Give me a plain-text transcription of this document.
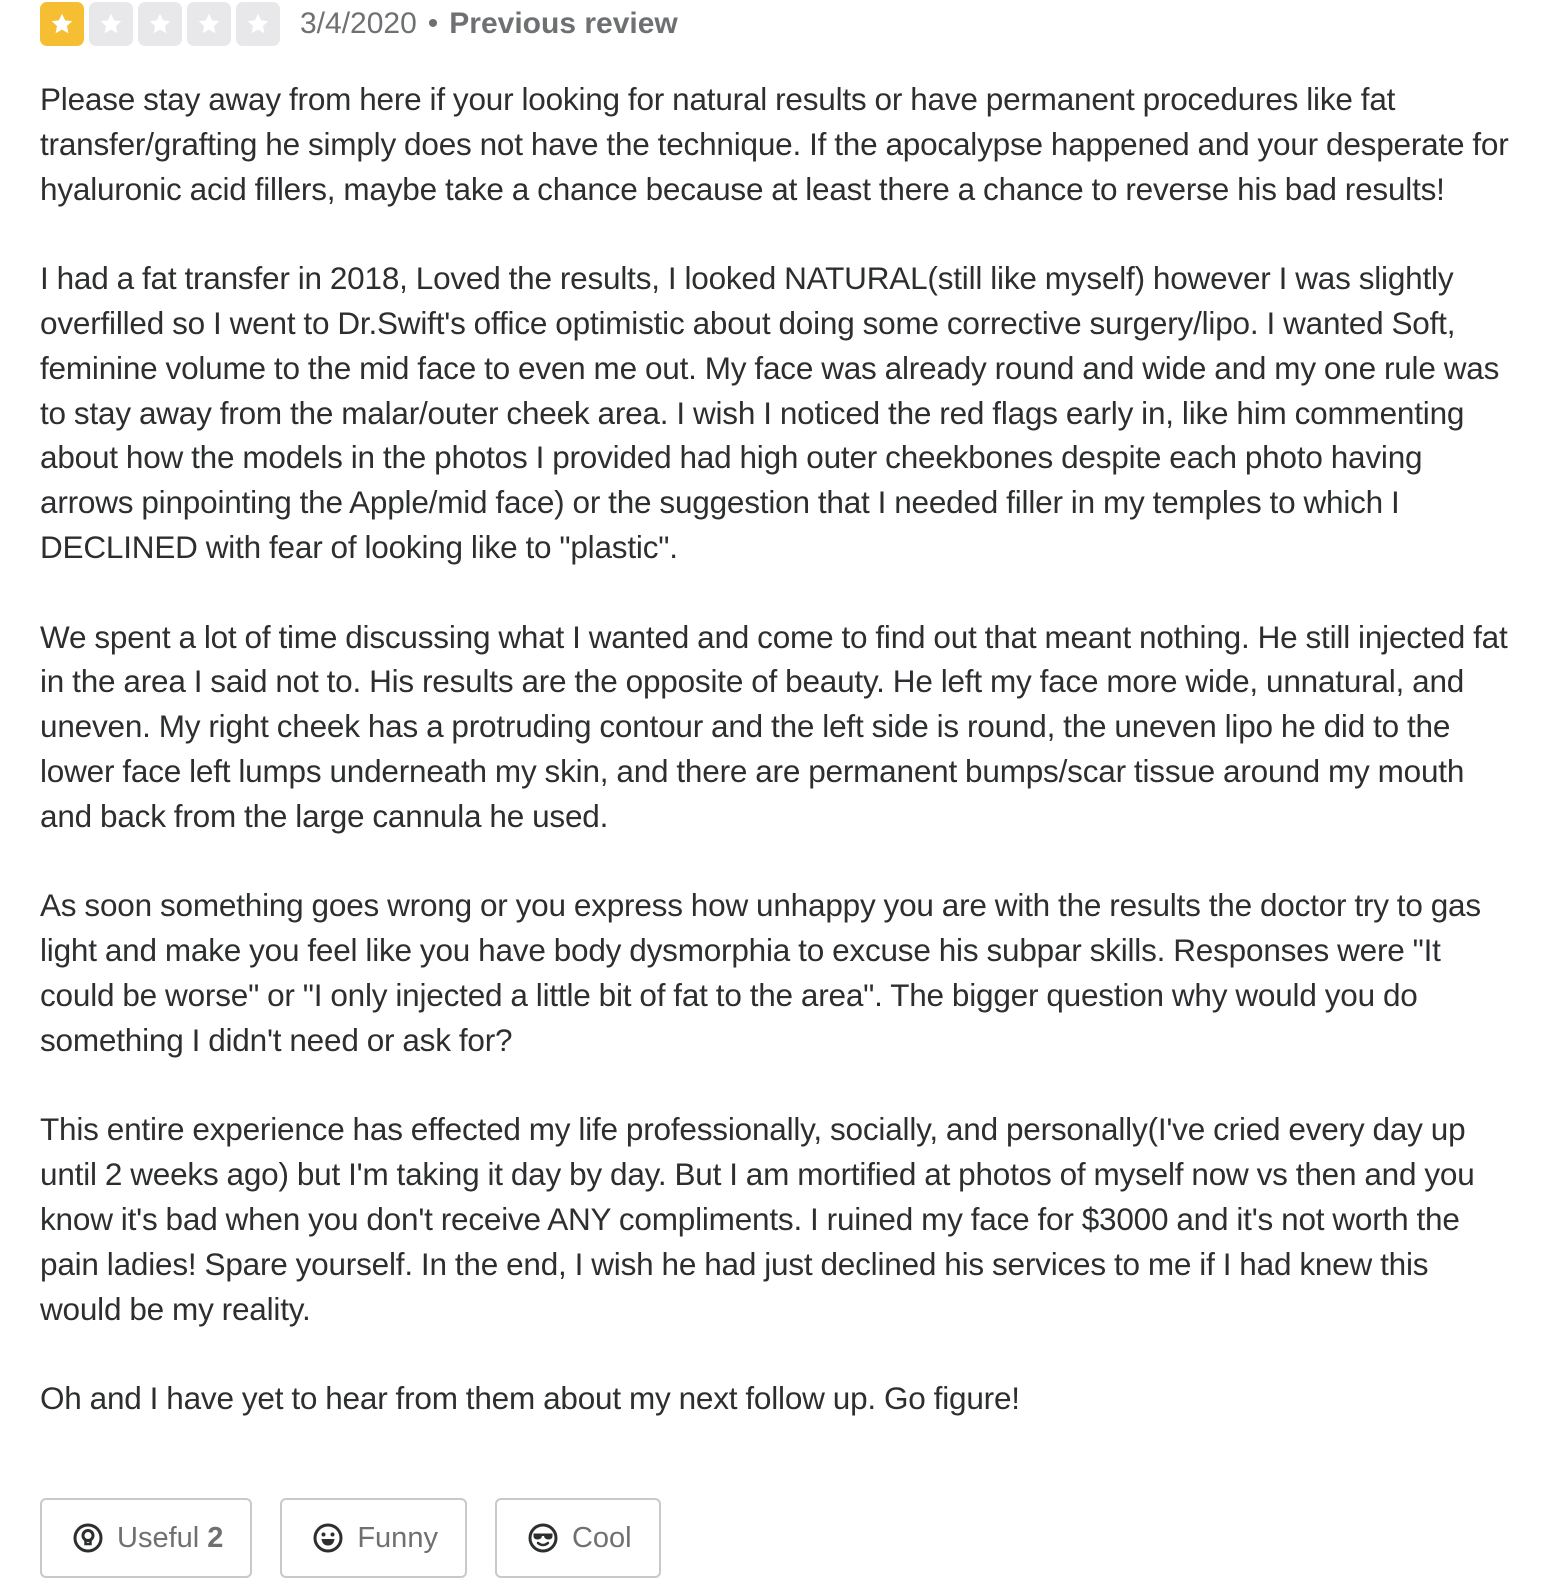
3/4/2020 • Previous review

Please stay away from here if your looking for natural results or have permanent procedures like fat transfer/grafting he simply does not have the technique. If the apocalypse happened and your desperate for hyaluronic acid fillers, maybe take a chance because at least there a chance to reverse his bad results!

I had a fat transfer in 2018, Loved the results, I looked NATURAL(still like myself) however I was slightly overfilled so I went to Dr.Swift's office optimistic about doing some corrective surgery/lipo. I wanted Soft, feminine volume to the mid face to even me out. My face was already round and wide and my one rule was to stay away from the malar/outer cheek area. I wish I noticed the red flags early in, like him commenting about how the models in the photos I provided had high outer cheekbones despite each photo having arrows pinpointing the Apple/mid face) or the suggestion that I needed filler in my temples to which I DECLINED with fear of looking like to "plastic".

We spent a lot of time discussing what I wanted and come to find out that meant nothing. He still injected fat in the area I said not to. His results are the opposite of beauty. He left my face more wide, unnatural, and uneven. My right cheek has a protruding contour and the left side is round, the uneven lipo he did to the lower face left lumps underneath my skin, and there are permanent bumps/scar tissue around my mouth and back from the large cannula he used.

As soon something goes wrong or you express how unhappy you are with the results the doctor try to gas light and make you feel like you have body dysmorphia to excuse his subpar skills. Responses were "It could be worse" or "I only injected a little bit of fat to the area". The bigger question why would you do something I didn't need or ask for?

This entire experience has effected my life professionally, socially, and personally(I've cried every day up until 2 weeks ago) but I'm taking it day by day. But I am mortified at photos of myself now vs then and you know it's bad when you don't receive ANY compliments. I ruined my face for $3000 and it's not worth the pain ladies! Spare yourself. In the end, I wish he had just declined his services to me if I had knew this would be my reality.

Oh and I have yet to hear from them about my next follow up. Go figure!

Useful 2	Funny	Cool
